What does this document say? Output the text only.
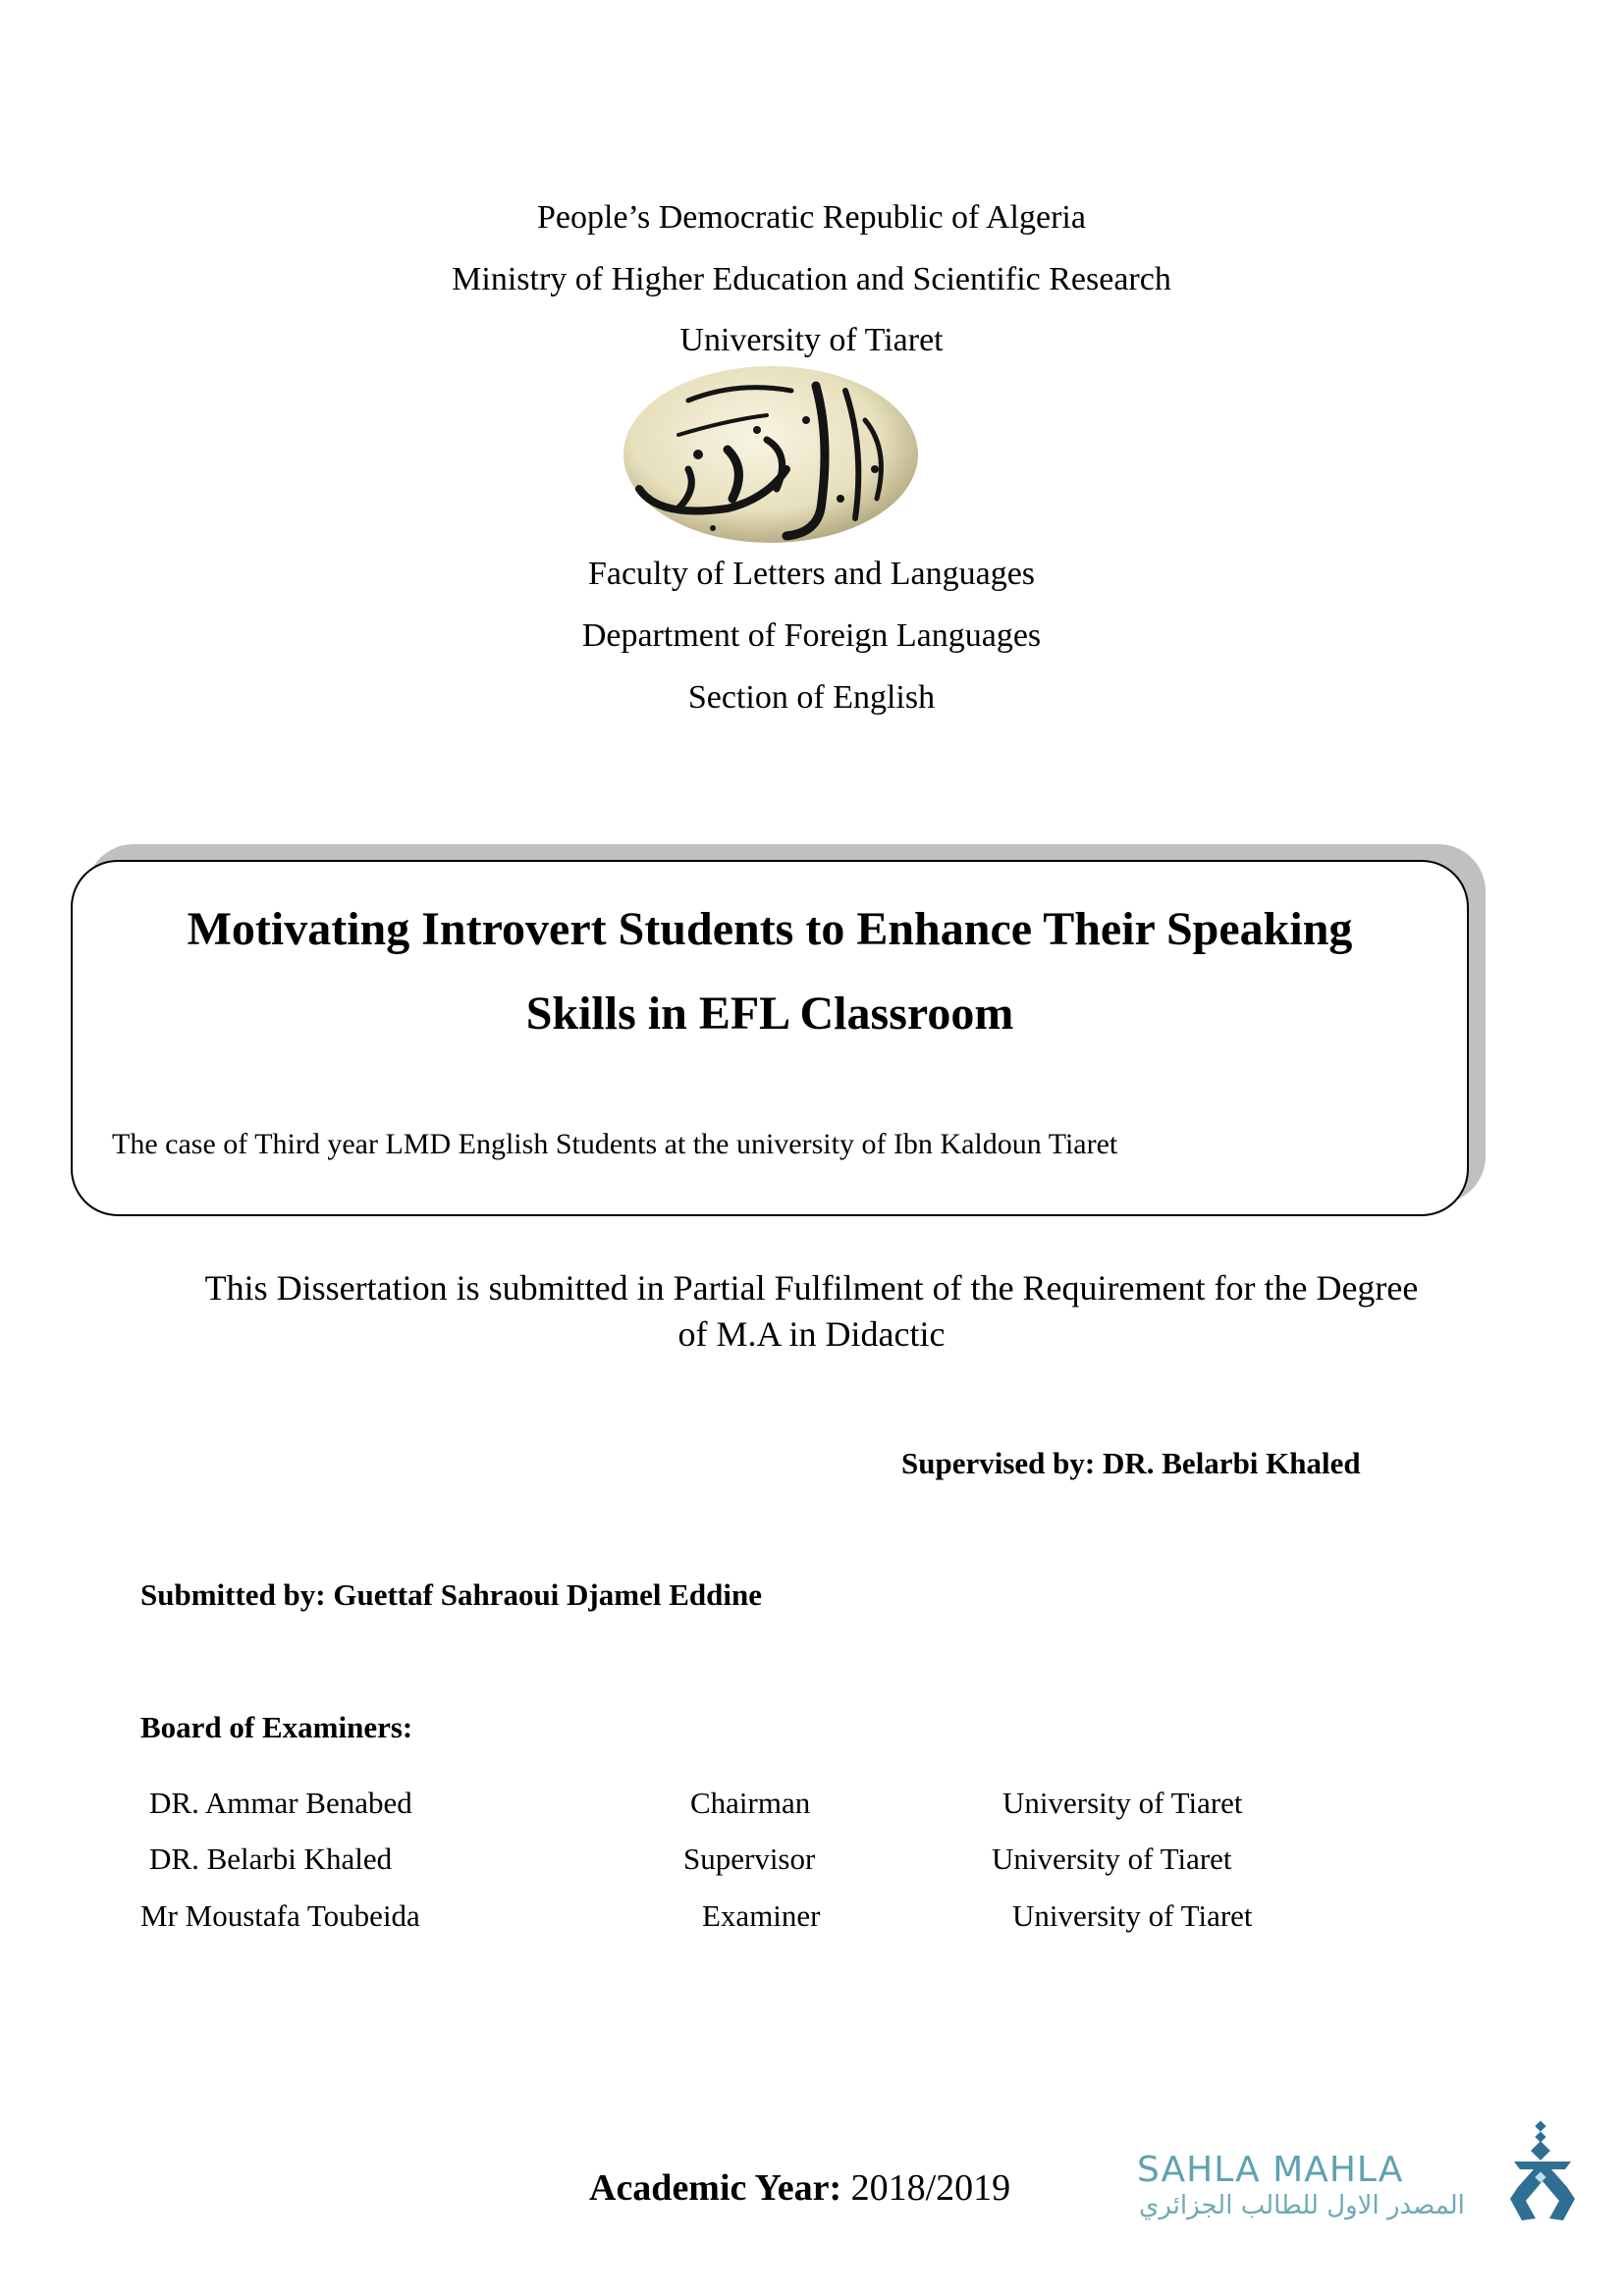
People’s Democratic Republic of Algeria
Ministry of Higher Education and Scientific Research
University of Tiaret
Faculty of Letters and Languages
Department of Foreign Languages
Section of English
Motivating Introvert Students to Enhance Their Speaking
Skills in EFL Classroom
The case of Third year LMD English Students at the university of Ibn Kaldoun Tiaret
This Dissertation is submitted in Partial Fulfilment of the Requirement for the Degree
of M.A in Didactic
Supervised by: DR. Belarbi Khaled
Submitted by: Guettaf Sahraoui Djamel Eddine
Board of Examiners:
DR. Ammar Benabed	Chairman	University of Tiaret
DR. Belarbi Khaled	Supervisor	University of Tiaret
Mr Moustafa Toubeida	Examiner	University of Tiaret
Academic Year: 2018/2019	SAHLA MAHLA
المصدر الاول للطالب الجزائري
